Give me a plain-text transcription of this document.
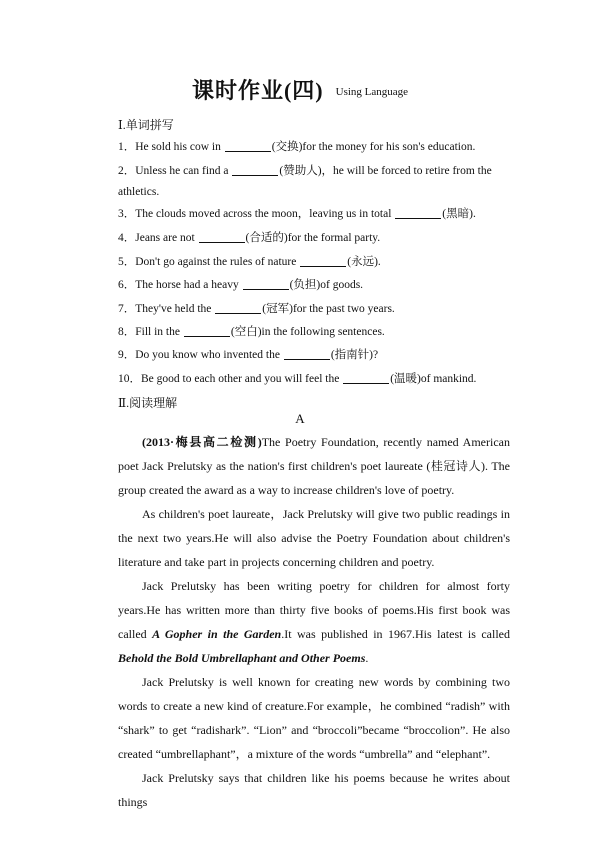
课时作业(四) Using Language
Ⅰ.单词拼写
1．He sold his cow in	(交换)for the money for his son's education.
2．Unless he can find a	(赞助人)，he will be forced to retire from the
3．The clouds moved across the moon，leaving us in total	(黑暗).
4．Jeans are not	(合适的)for the formal party.
5．Don't go against the rules of nature	(永远).
6．The horse had a heavy	(负担)of goods.
7．They've held the	(冠军)for the past two years.
8．Fill in the	(空白)in the following sentences.
9．Do you know who invented the	(指南针)?
10．Be good to each other and you will feel the	(温暖)of mankind.
athletics.
Ⅱ.阅读理解
A

(2013·梅县高二检测)The Poetry Foundation, recently named American poet Jack Prelutsky as the nation's first children's poet laureate (桂冠诗人). The group created the award as a way to increase children's love of poetry.

As children's poet laureate，Jack Prelutsky will give two public readings in the next two years.He will also advise the Poetry Foundation about children's literature and take part in projects concerning children and poetry.

Jack Prelutsky has been writing poetry for children for almost forty years.He has written more than thirty five books of poems.His first book was called A Gopher in the Garden.It was published in 1967.His latest is called Behold the Bold Umbrellaphant and Other Poems.

Jack Prelutsky is well known for creating new words by combining two words to create a new kind of creature.For example，he combined “radish” with “shark” to get “radishark”. “Lion” and “broccoli”became “broccolion”. He also created “umbrellaphant”，a mixture of the words “umbrella” and “elephant”.

Jack Prelutsky says that children like his poems because he writes about things
